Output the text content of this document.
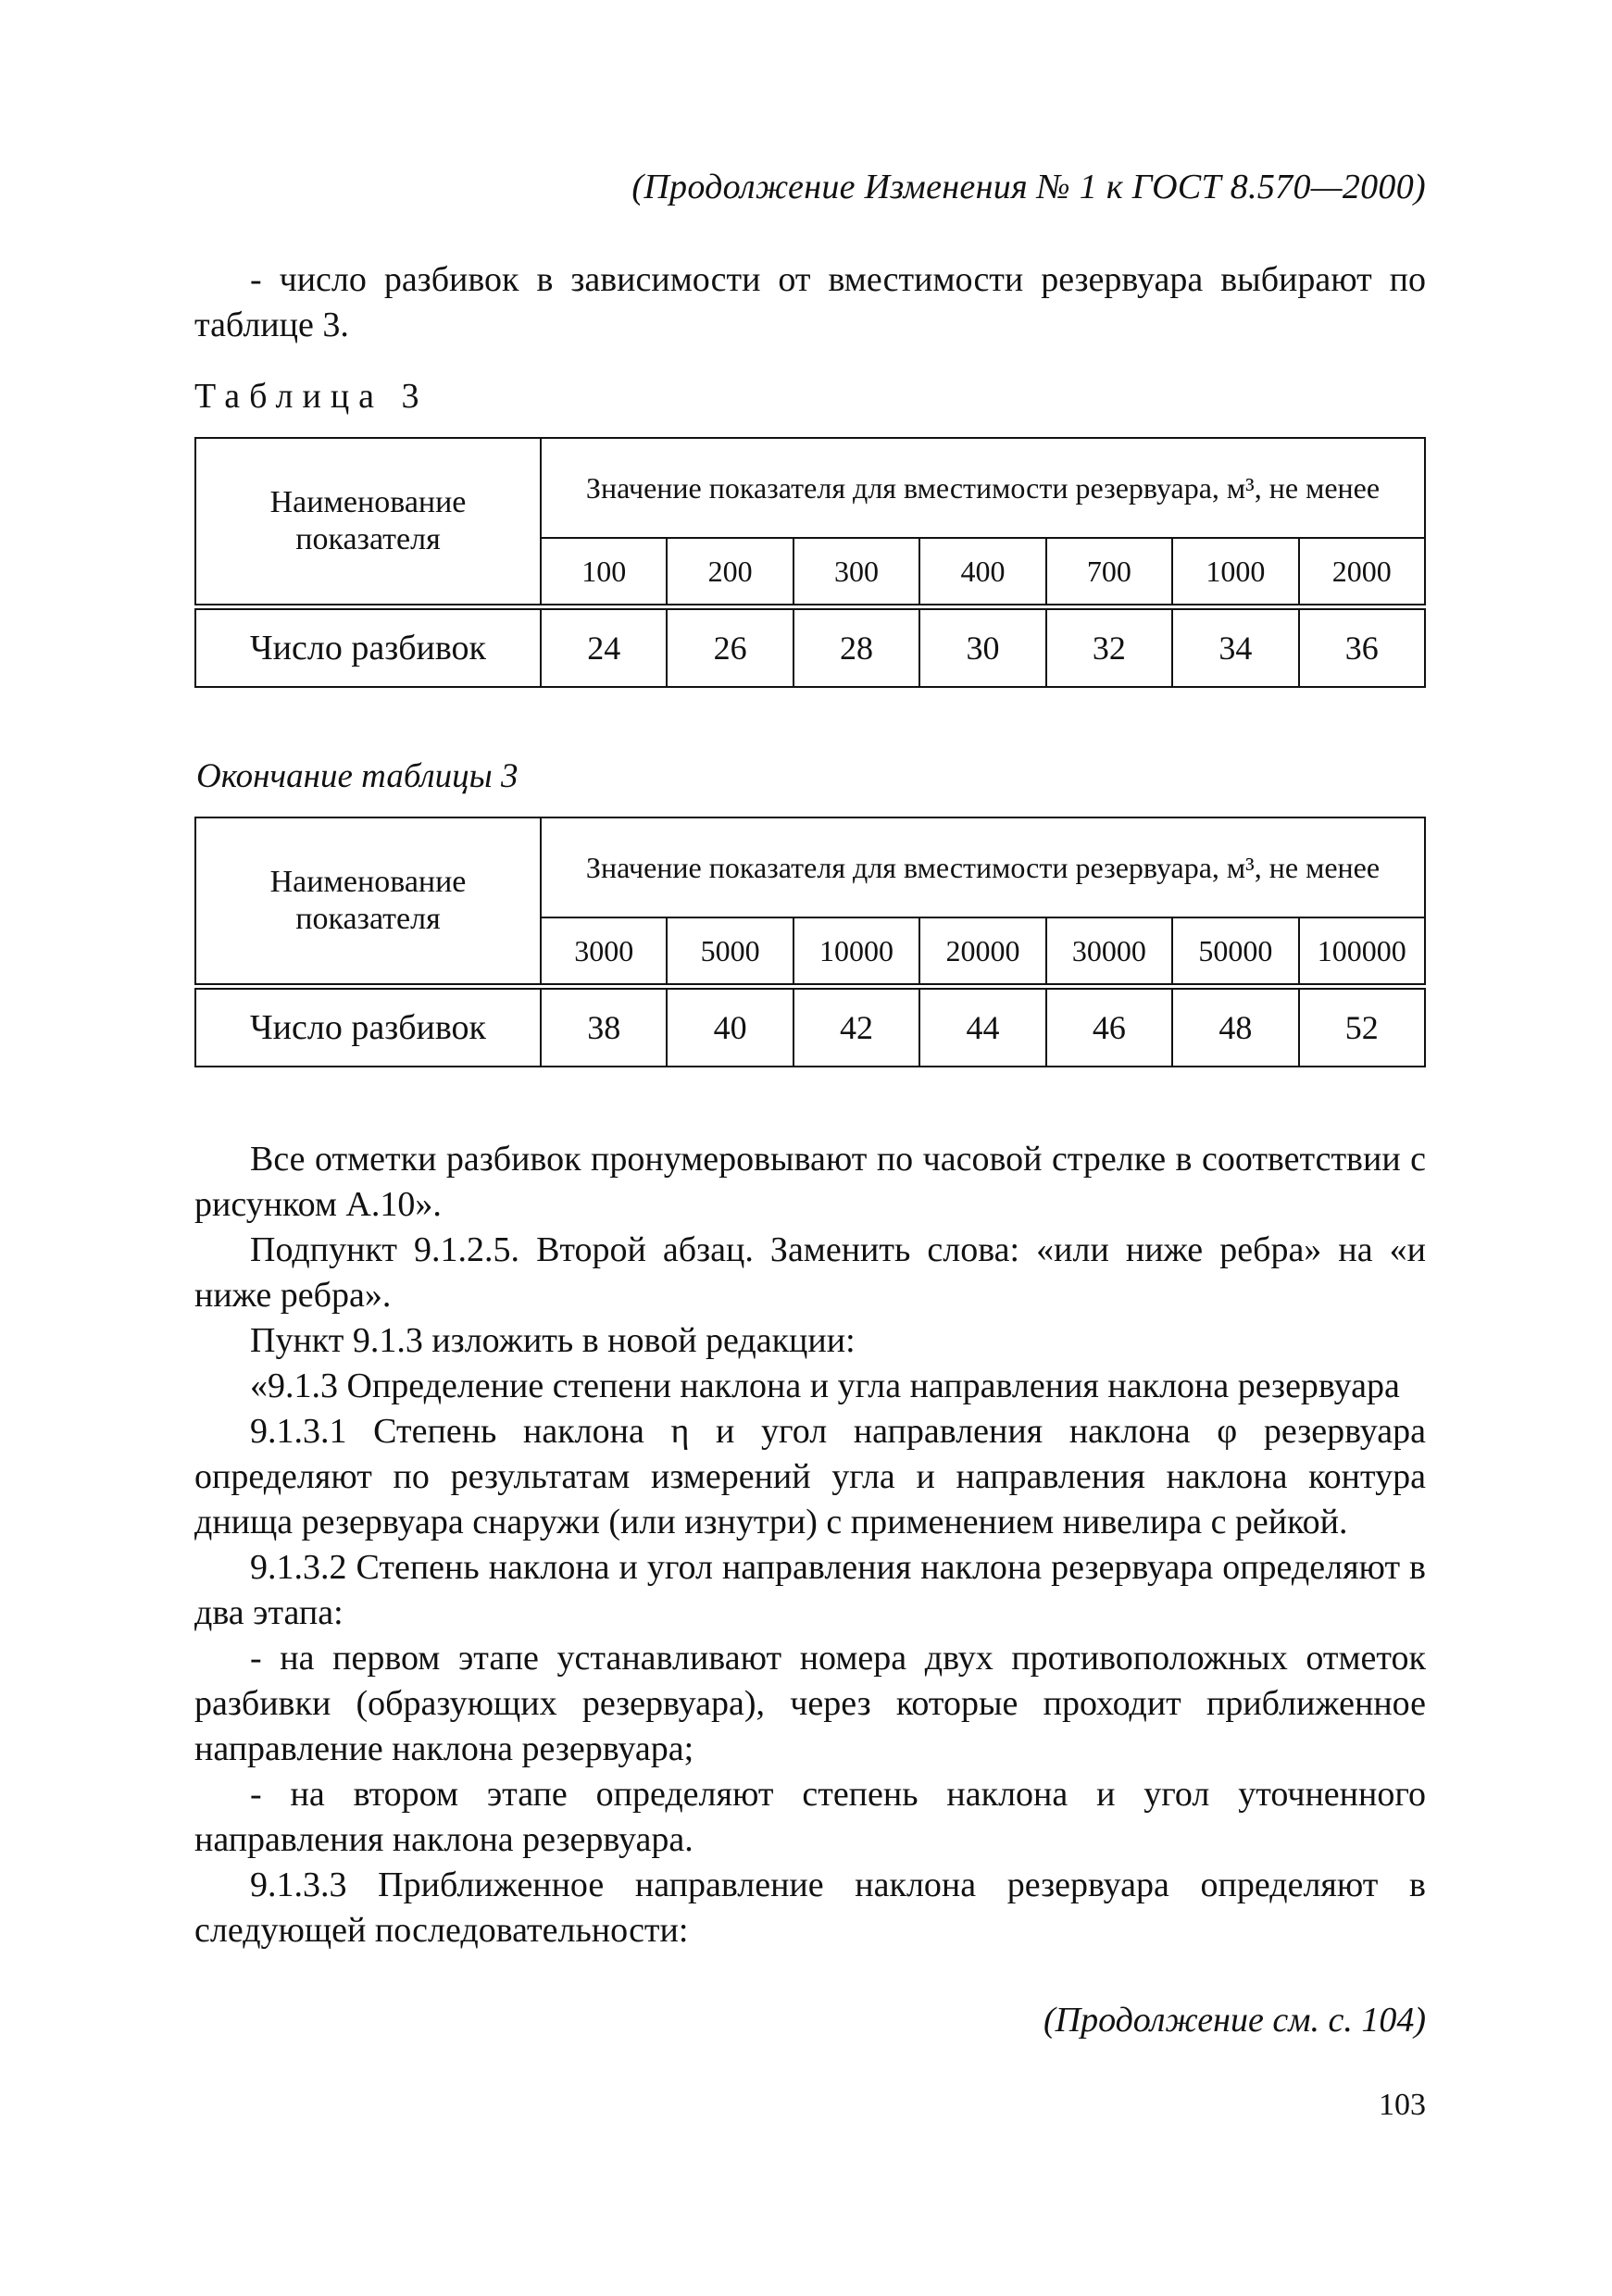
(Продолжение Изменения № 1 к ГОСТ 8.570—2000)

- число разбивок в зависимости от вместимости резервуара выбирают по таблице 3.

Таблица 3
Наименование показателя	Значение показателя для вместимости резервуара, м³, не менее						
	100	200	300	400	700	1000	2000
Число разбивок	24	26	28	30	32	34	36
Окончание таблицы 3
Наименование показателя	Значение показателя для вместимости резервуара, м³, не менее						
	3000	5000	10000	20000	30000	50000	100000
Число разбивок	38	40	42	44	46	48	52

Все отметки разбивок пронумеровывают по часовой стрелке в соответствии с рисунком А.10».

Подпункт 9.1.2.5. Второй абзац. Заменить слова: «или ниже ребра» на «и ниже ребра».

Пункт 9.1.3 изложить в новой редакции:

«9.1.3 Определение степени наклона и угла направления наклона резервуара

9.1.3.1 Степень наклона η и угол направления наклона φ резервуара определяют по результатам измерений угла и направления наклона контура днища резервуара снаружи (или изнутри) с применением нивелира с рейкой.

9.1.3.2 Степень наклона и угол направления наклона резервуара определяют в два этапа:

- на первом этапе устанавливают номера двух противоположных отметок разбивки (образующих резервуара), через которые проходит приближенное направление наклона резервуара;

- на втором этапе определяют степень наклона и угол уточненного направления наклона резервуара.

9.1.3.3 Приближенное направление наклона резервуара определяют в следующей последовательности:

(Продолжение см. с. 104)
103
